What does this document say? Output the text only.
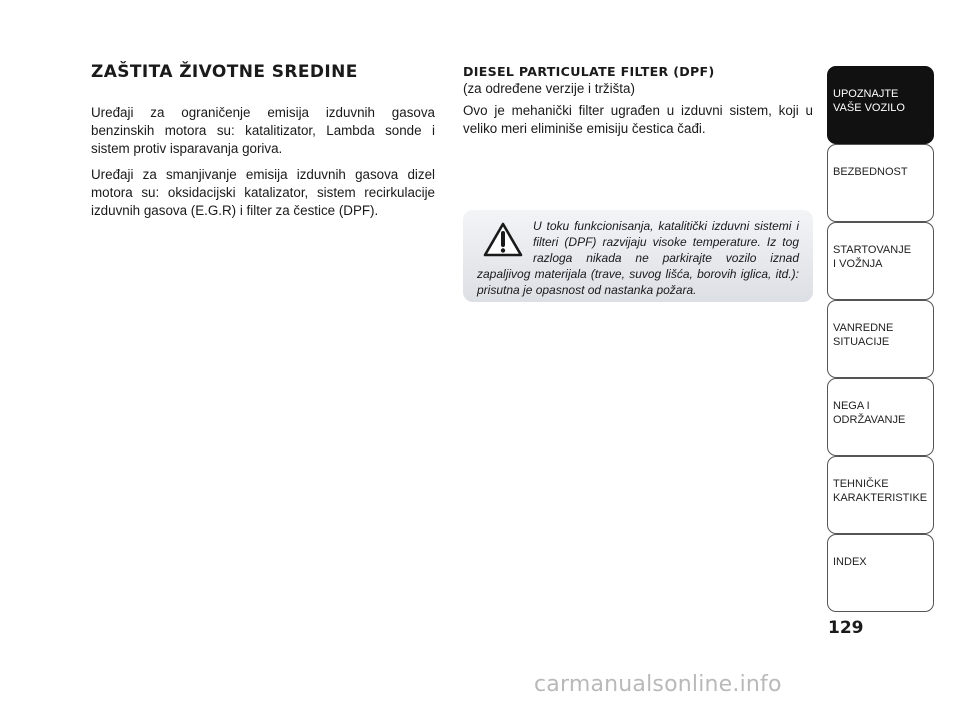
ZAŠTITA ŽIVOTNE SREDINE

Uređaji za ograničenje emisija izduvnih gasova benzinskih motora su: katalitizator, Lambda sonde i sistem protiv isparavanja goriva.

Uređaji za smanjivanje emisija izduvnih gasova dizel motora su: oksidacijski katalizator, sistem recirkulacije izduvnih gasova (E.G.R) i filter za čestice (DPF).

DIESEL PARTICULATE FILTER (DPF)
(za određene verzije i tržišta)

Ovo je mehanički filter ugrađen u izduvni sistem, koji u veliko meri eliminiše emisiju čestica čađi.

U toku funkcionisanja, katalitički izduvni sistemi i filteri (DPF) razvijaju visoke temperature. Iz tog razloga nikada ne parkirajte vozilo iznad zapaljivog materijala (trave, suvog lišća, borovih iglica, itd.): prisutna je opasnost od nastanka požara.
UPOZNAJTE
VAŠE VOZILO
BEZBEDNOST
STARTOVANJE
I VOŽNJA
VANREDNE
SITUACIJE
NEGA I
ODRŽAVANJE
TEHNIČKE
KARAKTERISTIKE
INDEX
129
carmanualsonline.info
